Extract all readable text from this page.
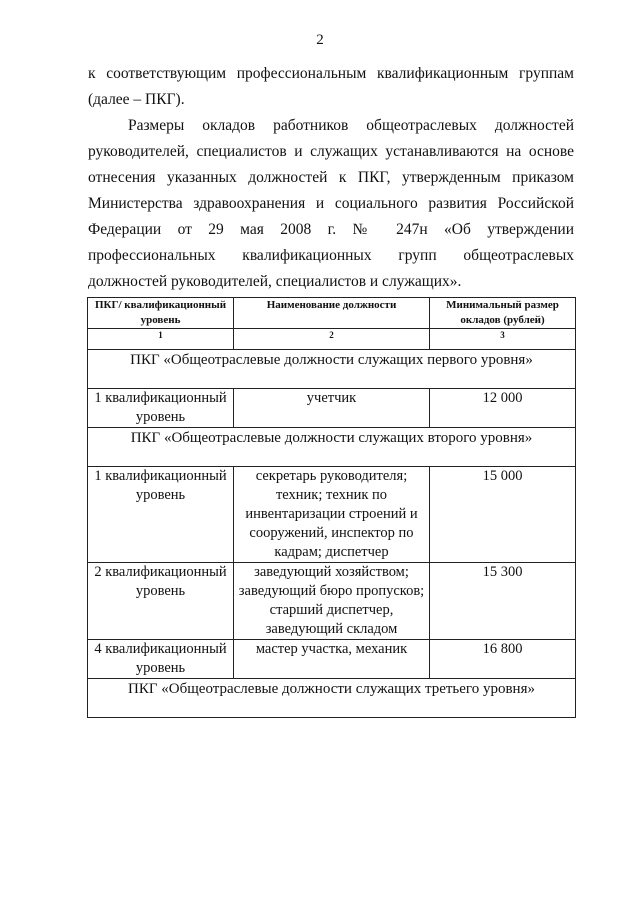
2

к соответствующим профессиональным квалификационным группам (далее – ПКГ).

Размеры окладов работников общеотраслевых должностей руководителей, специалистов и служащих устанавливаются на основе отнесения указанных должностей к ПКГ, утвержденным приказом Министерства здравоохранения и социального развития Российской Федерации от 29 мая 2008 г. № 247н «Об утверждении профессиональных квалификационных групп общеотраслевых должностей руководителей, специалистов и служащих».

ПКГ/ квалификационный уровень	Наименование должности	Минимальный размер окладов (рублей)
1	2	3
ПКГ «Общеотраслевые должности служащих первого уровня»		
1 квалификационный уровень	учетчик	12 000
ПКГ «Общеотраслевые должности служащих второго уровня»		
1 квалификационный уровень	секретарь руководителя; техник; техник по инвентаризации строений и сооружений, инспектор по кадрам; диспетчер	15 000
2 квалификационный уровень	заведующий хозяйством; заведующий бюро пропусков; старший диспетчер, заведующий складом	15 300
4 квалификационный уровень	мастер участка, механик	16 800
ПКГ «Общеотраслевые должности служащих третьего уровня»		
